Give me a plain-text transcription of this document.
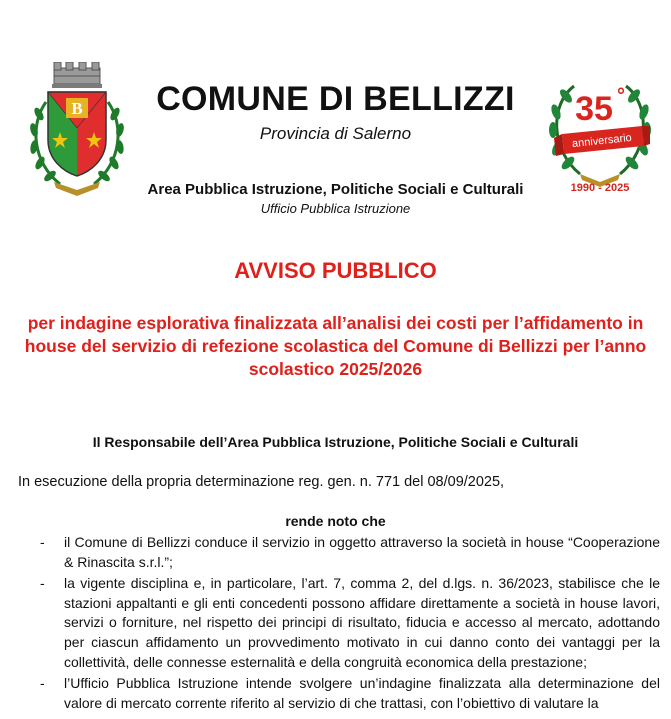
B	COMUNE DI BELLIZZI
Provincia di Salerno
35 °
anniversario
1990 - 2025
Area Pubblica Istruzione, Politiche Sociali e Culturali
Ufficio Pubblica Istruzione
AVVISO PUBBLICO
per indagine esplorativa finalizzata all’analisi dei costi per l’affidamento in house del servizio di refezione scolastica del Comune di Bellizzi per l’anno scolastico 2025/2026
Il Responsabile dell’Area Pubblica Istruzione, Politiche Sociali e Culturali
In esecuzione della propria determinazione reg. gen. n. 771 del 08/09/2025,
rende noto che
-	il Comune di Bellizzi conduce il servizio in oggetto attraverso la società in house “Cooperazione & Rinascita s.r.l.”;
-	la vigente disciplina e, in particolare, l’art. 7, comma 2, del d.lgs. n. 36/2023, stabilisce che le stazioni appaltanti e gli enti concedenti possono affidare direttamente a società in house lavori, servizi o forniture, nel rispetto dei principi di risultato, fiducia e accesso al mercato, adottando per ciascun affidamento un provvedimento motivato in cui danno conto dei vantaggi per la collettività, delle connesse esternalità e della congruità economica della prestazione;
-	l’Ufficio Pubblica Istruzione intende svolgere un’indagine finalizzata alla determinazione del valore di mercato corrente riferito al servizio di che trattasi, con l’obiettivo di valutare la
